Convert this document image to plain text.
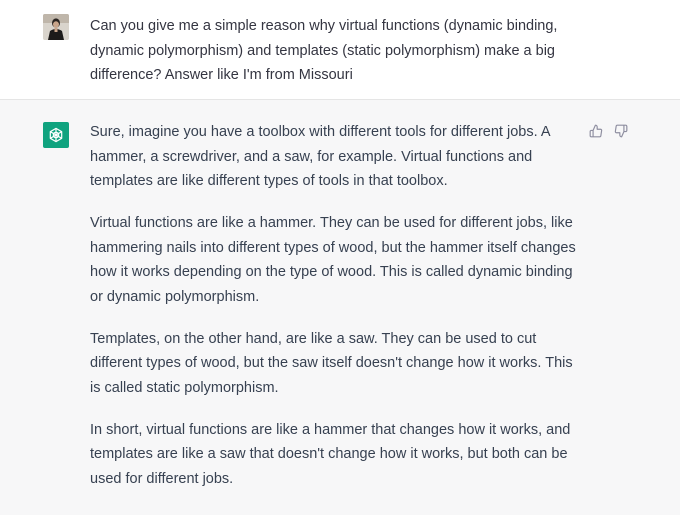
Can you give me a simple reason why virtual functions (dynamic binding, dynamic polymorphism) and templates (static polymorphism) make a big difference? Answer like I'm from Missouri

Sure, imagine you have a toolbox with different tools for different jobs. A hammer, a screwdriver, and a saw, for example. Virtual functions and templates are like different types of tools in that toolbox.

Virtual functions are like a hammer. They can be used for different jobs, like hammering nails into different types of wood, but the hammer itself changes how it works depending on the type of wood. This is called dynamic binding or dynamic polymorphism.

Templates, on the other hand, are like a saw. They can be used to cut different types of wood, but the saw itself doesn't change how it works. This is called static polymorphism.

In short, virtual functions are like a hammer that changes how it works, and templates are like a saw that doesn't change how it works, but both can be used for different jobs.
